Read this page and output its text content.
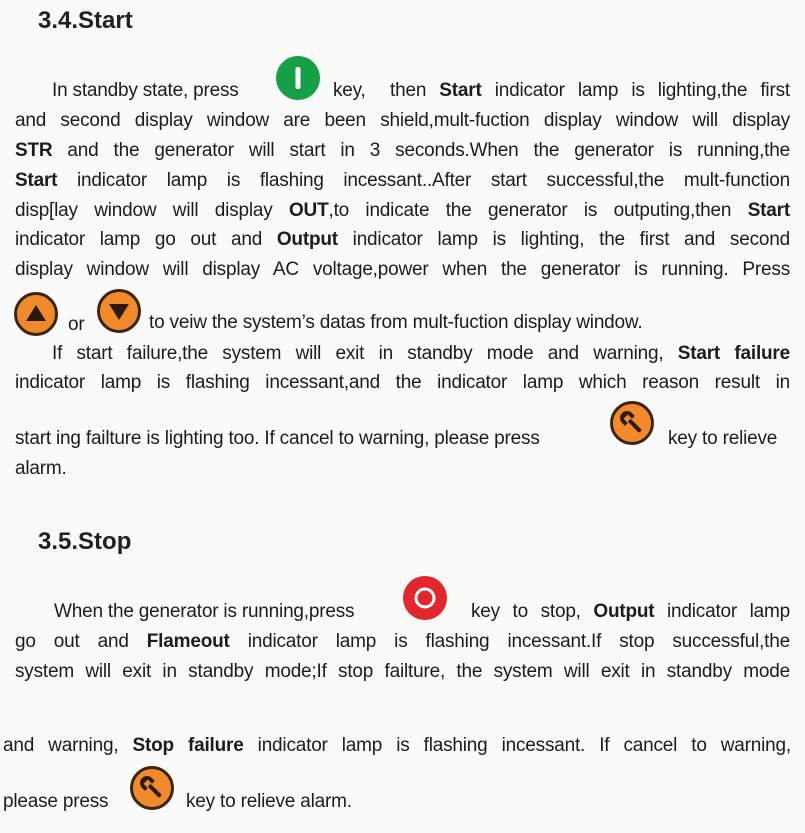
3.4.Start
In standby state, press	key, then Start indicator lamp is lighting,the first
and second display window are been shield,mult-fuction display window will display
STR and the generator will start in 3 seconds.When the generator is running,the
Start indicator lamp is flashing incessant..After start successful,the mult-function
disp[lay window will display OUT,to indicate the generator is outputing,then Start
indicator lamp go out and Output indicator lamp is lighting, the first and second
display window will display AC voltage,power when the generator is running. Press
or	to veiw the system’s datas from mult-fuction display window.
If start failure,the system will exit in standby mode and warning, Start failure
indicator lamp is flashing incessant,and the indicator lamp which reason result in
start ing failture is lighting too. If cancel to warning, please press	key to relieve
alarm.
3.5.Stop
When the generator is running,press	key to stop, Output indicator lamp
go out and Flameout indicator lamp is flashing incessant.If stop successful,the
system will exit in standby mode;If stop failture, the system will exit in standby mode
and warning, Stop failure indicator lamp is flashing incessant. If cancel to warning,
please press	key to relieve alarm.
